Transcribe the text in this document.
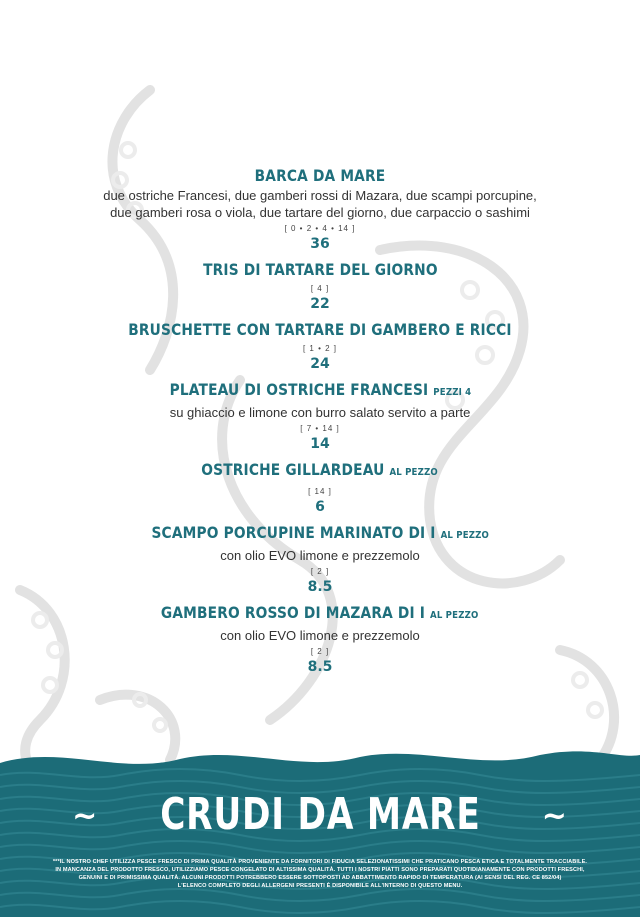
BARCA DA MARE
due ostriche Francesi, due gamberi rossi di Mazara, due scampi porcupine,
due gamberi rosa o viola, due tartare del giorno, due carpaccio o sashimi
[ 0 • 2 • 4 • 14 ]
36
TRIS DI TARTARE DEL GIORNO
[ 4 ]
22
BRUSCHETTE CON TARTARE DI GAMBERO E RICCI
[ 1 • 2 ]
24
PLATEAU DI OSTRICHE FRANCESI PEZZI 4
su ghiaccio e limone con burro salato servito a parte
[ 7 • 14 ]
14
OSTRICHE GILLARDEAU AL PEZZO
[ 14 ]
6
SCAMPO PORCUPINE MARINATO DI I AL PEZZO
con olio EVO limone e prezzemolo
[ 2 ]
8.5
GAMBERO ROSSO DI MAZARA DI I AL PEZZO
con olio EVO limone e prezzemolo
[ 2 ]
8.5
~ CRUDI DA MARE ~
***IL NOSTRO CHEF UTILIZZA PESCE FRESCO DI PRIMA QUALITÀ PROVENIENTE DA FORNITORI DI FIDUCIA SELEZIONATISSIMI CHE PRATICANO PESCA ETICA E TOTALMENTE TRACCIABILE.
IN MANCANZA DEL PRODOTTO FRESCO, UTILIZZIAMO PESCE CONGELATO DI ALTISSIMA QUALITÀ. TUTTI I NOSTRI PIATTI SONO PREPARATI QUOTIDIANAMENTE CON PRODOTTI FRESCHI,
GENUINI E DI PRIMISSIMA QUALITÀ. ALCUNI PRODOTTI POTREBBERO ESSERE SOTTOPOSTI AD ABBATTIMENTO RAPIDO DI TEMPERATURA (AI SENSI DEL REG. CE 852/04)
L'ELENCO COMPLETO DEGLI ALLERGENI PRESENTI È DISPONIBILE ALL'INTERNO DI QUESTO MENU.
